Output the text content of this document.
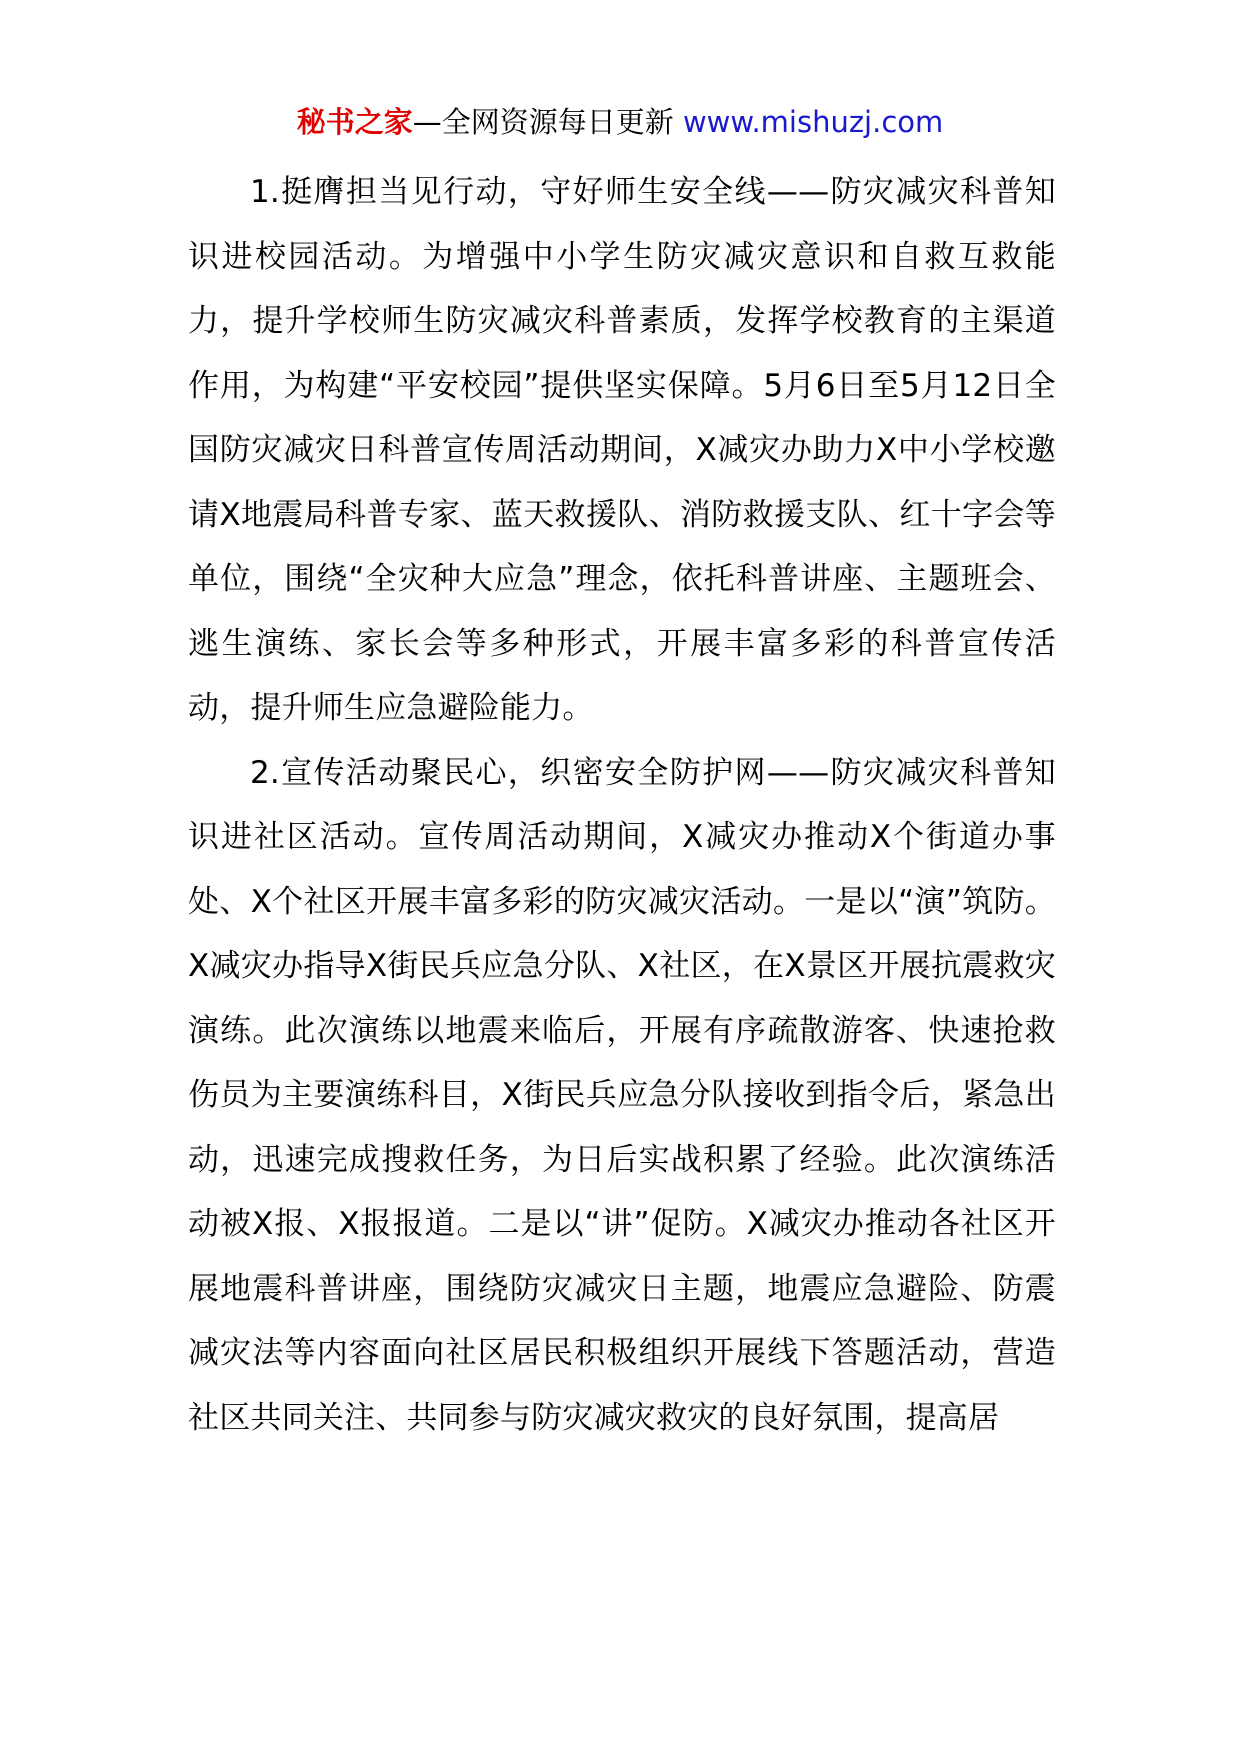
秘书之家—全网资源每日更新 www.mishuzj.com

1.挺膺担当见行动，守好师生安全线——防灾减灾科普知识进校园活动。为增强中小学生防灾减灾意识和自救互救能力，提升学校师生防灾减灾科普素质，发挥学校教育的主渠道作用，为构建“平安校园”提供坚实保障。5月6日至5月12日全国防灾减灾日科普宣传周活动期间，X减灾办助力X中小学校邀请X地震局科普专家、蓝天救援队、消防救援支队、红十字会等单位，围绕“全灾种大应急”理念，依托科普讲座、主题班会、逃生演练、家长会等多种形式，开展丰富多彩的科普宣传活动，提升师生应急避险能力。

2.宣传活动聚民心，织密安全防护网——防灾减灾科普知识进社区活动。宣传周活动期间，X减灾办推动X个街道办事处、X个社区开展丰富多彩的防灾减灾活动。一是以“演”筑防。X减灾办指导X街民兵应急分队、X社区，在X景区开展抗震救灾演练。此次演练以地震来临后，开展有序疏散游客、快速抢救伤员为主要演练科目，X街民兵应急分队接收到指令后，紧急出动，迅速完成搜救任务，为日后实战积累了经验。此次演练活动被X报、X报报道。二是以“讲”促防。X减灾办推动各社区开展地震科普讲座，围绕防灾减灾日主题，地震应急避险、防震减灾法等内容面向社区居民积极组织开展线下答题活动，营造社区共同关注、共同参与防灾减灾救灾的良好氛围，提高居
